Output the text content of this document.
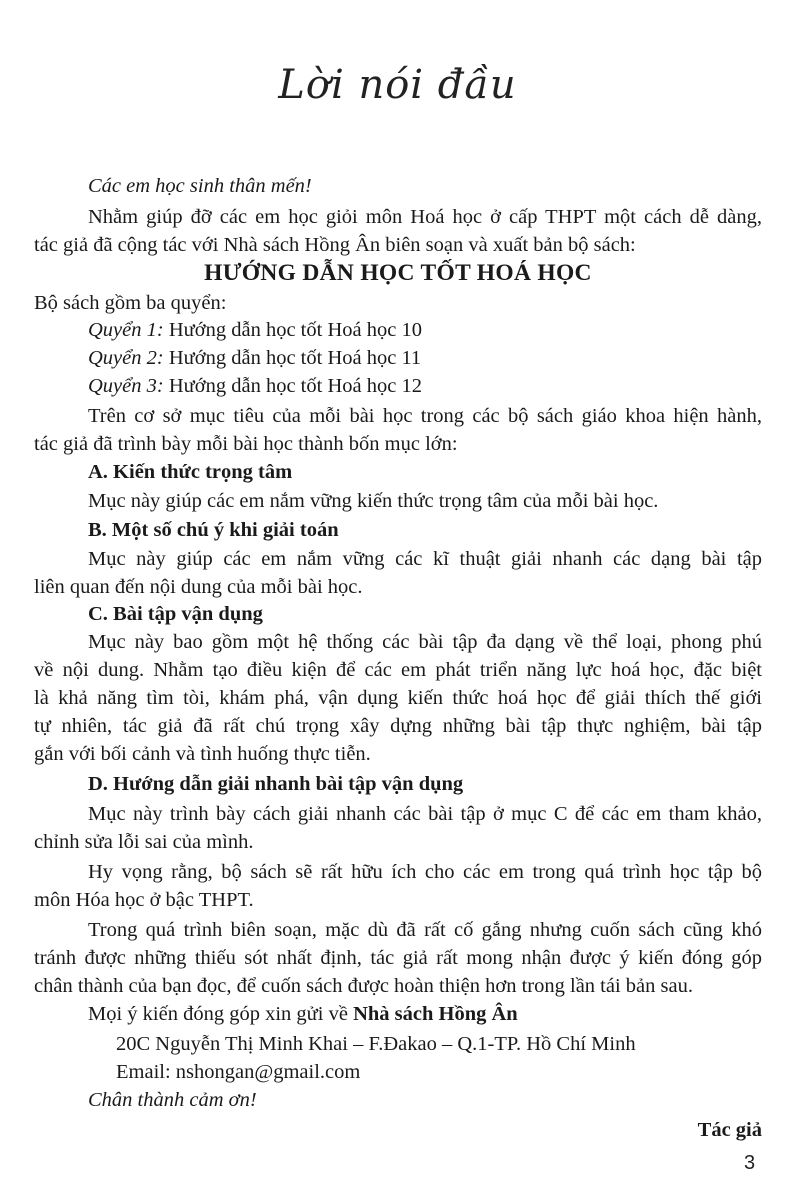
Lời nói đầu
Các em học sinh thân mến!
Nhằm giúp đỡ các em học giỏi môn Hoá học ở cấp THPT một cách dễ dàng,
tác giả đã cộng tác với Nhà sách Hồng Ân biên soạn và xuất bản bộ sách:
HƯỚNG DẪN HỌC TỐT HOÁ HỌC
Bộ sách gồm ba quyển:
Quyển 1: Hướng dẫn học tốt Hoá học 10
Quyển 2: Hướng dẫn học tốt Hoá học 11
Quyển 3: Hướng dẫn học tốt Hoá học 12
Trên cơ sở mục tiêu của mỗi bài học trong các bộ sách giáo khoa hiện hành,
tác giả đã trình bày mỗi bài học thành bốn mục lớn:
A. Kiến thức trọng tâm
Mục này giúp các em nắm vững kiến thức trọng tâm của mỗi bài học.
B. Một số chú ý khi giải toán
Mục này giúp các em nắm vững các kĩ thuật giải nhanh các dạng bài tập
liên quan đến nội dung của mỗi bài học.
C. Bài tập vận dụng
Mục này bao gồm một hệ thống các bài tập đa dạng về thể loại, phong phú
về nội dung. Nhằm tạo điều kiện để các em phát triển năng lực hoá học, đặc biệt
là khả năng tìm tòi, khám phá, vận dụng kiến thức hoá học để giải thích thế giới
tự nhiên, tác giả đã rất chú trọng xây dựng những bài tập thực nghiệm, bài tập
gắn với bối cảnh và tình huống thực tiễn.
D. Hướng dẫn giải nhanh bài tập vận dụng
Mục này trình bày cách giải nhanh các bài tập ở mục C để các em tham khảo,
chỉnh sửa lỗi sai của mình.
Hy vọng rằng, bộ sách sẽ rất hữu ích cho các em trong quá trình học tập bộ
môn Hóa học ở bậc THPT.
Trong quá trình biên soạn, mặc dù đã rất cố gắng nhưng cuốn sách cũng khó
tránh được những thiếu sót nhất định, tác giả rất mong nhận được ý kiến đóng góp
chân thành của bạn đọc, để cuốn sách được hoàn thiện hơn trong lần tái bản sau.
Mọi ý kiến đóng góp xin gửi về Nhà sách Hồng Ân
20C Nguyễn Thị Minh Khai – F.Đakao – Q.1-TP. Hồ Chí Minh
Email: nshongan@gmail.com
Chân thành cảm ơn!
Tác giả
3
